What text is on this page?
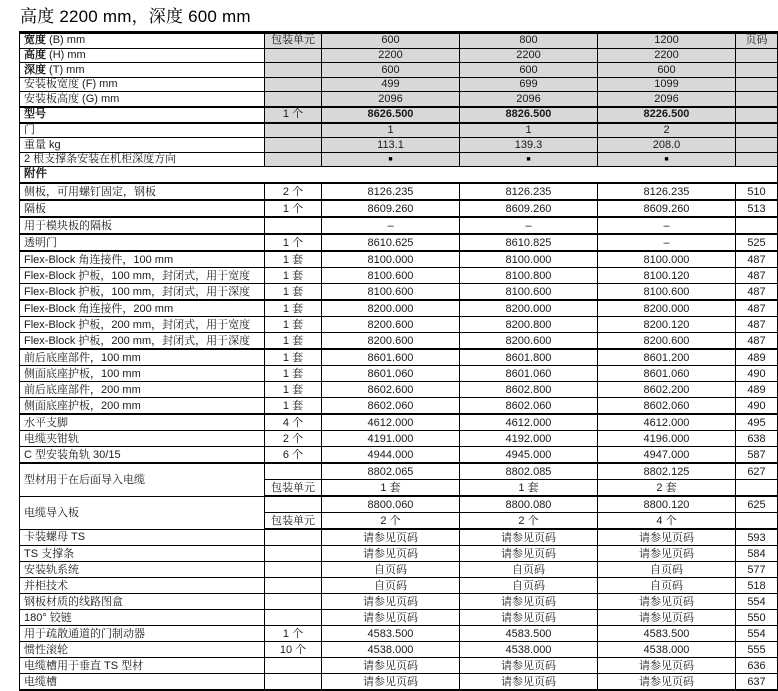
高度 2200 mm，深度 600 mm
宽度 (B) mm	包装单元	600	800	1200	页码
高度 (H) mm		2200	2200	2200	
深度 (T) mm		600	600	600	
安装板宽度 (F) mm		499	699	1099	
安装板高度 (G) mm		2096	2096	2096	
型号	1 个	8626.500	8826.500	8226.500	
门		1	1	2	
重量 kg		113.1	139.3	208.0	
2 根支撑条安装在机柜深度方向		■	■	■	
附件					
侧板，可用螺钉固定，钢板	2 个	8126.235	8126.235	8126.235	510
隔板	1 个	8609.260	8609.260	8609.260	513
用于模块板的隔板		–	–	–	
透明门	1 个	8610.625	8610.825	–	525
Flex-Block 角连接件，100 mm	1 套	8100.000	8100.000	8100.000	487
Flex-Block 护板，100 mm，封闭式，用于宽度	1 套	8100.600	8100.800	8100.120	487
Flex-Block 护板，100 mm，封闭式，用于深度	1 套	8100.600	8100.600	8100.600	487
Flex-Block 角连接件，200 mm	1 套	8200.000	8200.000	8200.000	487
Flex-Block 护板，200 mm，封闭式，用于宽度	1 套	8200.600	8200.800	8200.120	487
Flex-Block 护板，200 mm，封闭式，用于深度	1 套	8200.600	8200.600	8200.600	487
前后底座部件，100 mm	1 套	8601.600	8601.800	8601.200	489
侧面底座护板，100 mm	1 套	8601.060	8601.060	8601.060	490
前后底座部件，200 mm	1 套	8602.600	8602.800	8602.200	489
侧面底座护板，200 mm	1 套	8602.060	8602.060	8602.060	490
水平支脚	4 个	4612.000	4612.000	4612.000	495
电缆夹钳轨	2 个	4191.000	4192.000	4196.000	638
C 型安装角轨 30/15	6 个	4944.000	4945.000	4947.000	587
型材用于在后面导入电缆		8802.065	8802.085	8802.125	627
	包装单元	1 套	1 套	2 套	
电缆导入板		8800.060	8800.080	8800.120	625
	包装单元	2 个	2 个	4 个	
卡装螺母 TS		请参见页码	请参见页码	请参见页码	593
TS 支撑条		请参见页码	请参见页码	请参见页码	584
安装轨系统		自页码	自页码	自页码	577
并柜技术		自页码	自页码	自页码	518
钢板材质的线路图盒		请参见页码	请参见页码	请参见页码	554
180° 铰链		请参见页码	请参见页码	请参见页码	550
用于疏散通道的门制动器	1 个	4583.500	4583.500	4583.500	554
惯性滚轮	10 个	4538.000	4538.000	4538.000	555
电缆槽用于垂直 TS 型材		请参见页码	请参见页码	请参见页码	636
电缆槽		请参见页码	请参见页码	请参见页码	637
